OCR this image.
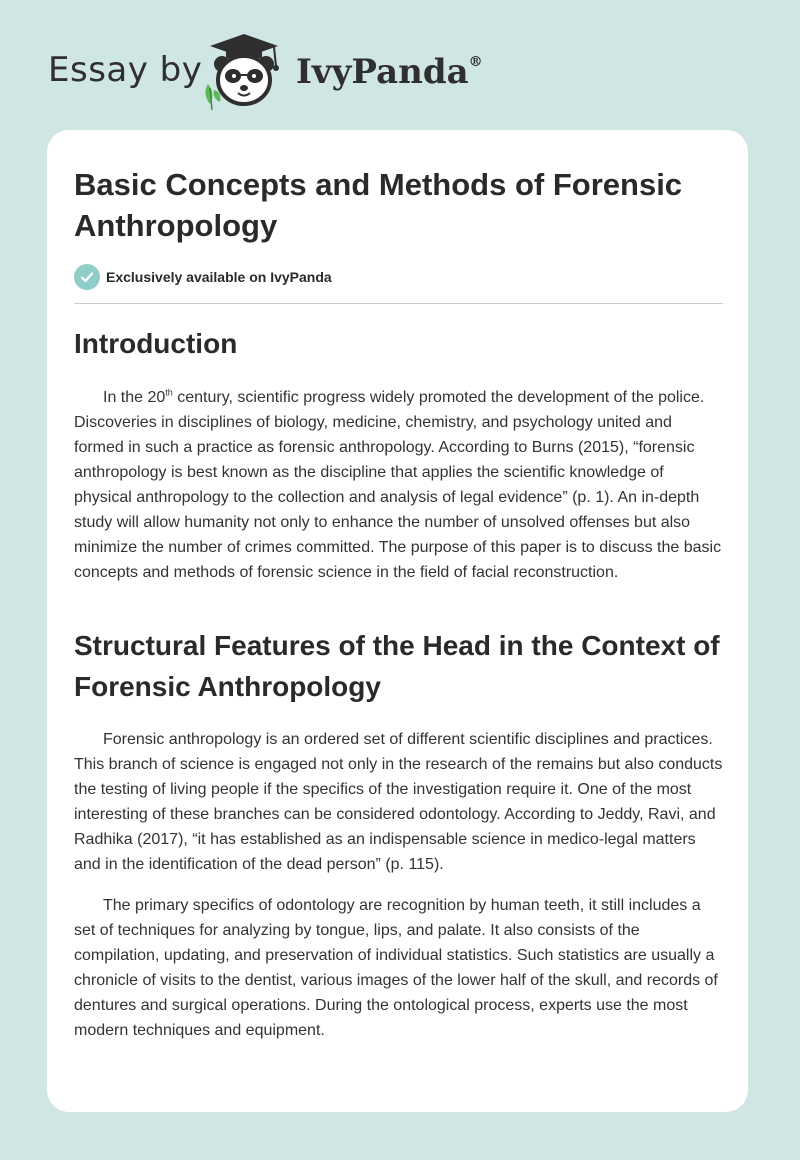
Essay by	IvyPanda®
Basic Concepts and Methods of Forensic Anthropology
Exclusively available on IvyPanda
Introduction

In the 20th century, scientific progress widely promoted the development of the police. Discoveries in disciplines of biology, medicine, chemistry, and psychology united and formed in such a practice as forensic anthropology. According to Burns (2015), “forensic anthropology is best known as the discipline that applies the scientific knowledge of physical anthropology to the collection and analysis of legal evidence” (p. 1). An in-depth study will allow humanity not only to enhance the number of unsolved offenses but also minimize the number of crimes committed. The purpose of this paper is to discuss the basic concepts and methods of forensic science in the field of facial reconstruction.

Structural Features of the Head in the Context of Forensic Anthropology

Forensic anthropology is an ordered set of different scientific disciplines and practices. This branch of science is engaged not only in the research of the remains but also conducts the testing of living people if the specifics of the investigation require it. One of the most interesting of these branches can be considered odontology. According to Jeddy, Ravi, and Radhika (2017), “it has established as an indispensable science in medico-legal matters and in the identification of the dead person” (p. 115).

The primary specifics of odontology are recognition by human teeth, it still includes a set of techniques for analyzing by tongue, lips, and palate. It also consists of the compilation, updating, and preservation of individual statistics. Such statistics are usually a chronicle of visits to the dentist, various images of the lower half of the skull, and records of dentures and surgical operations. During the ontological process, experts use the most modern techniques and equipment.
